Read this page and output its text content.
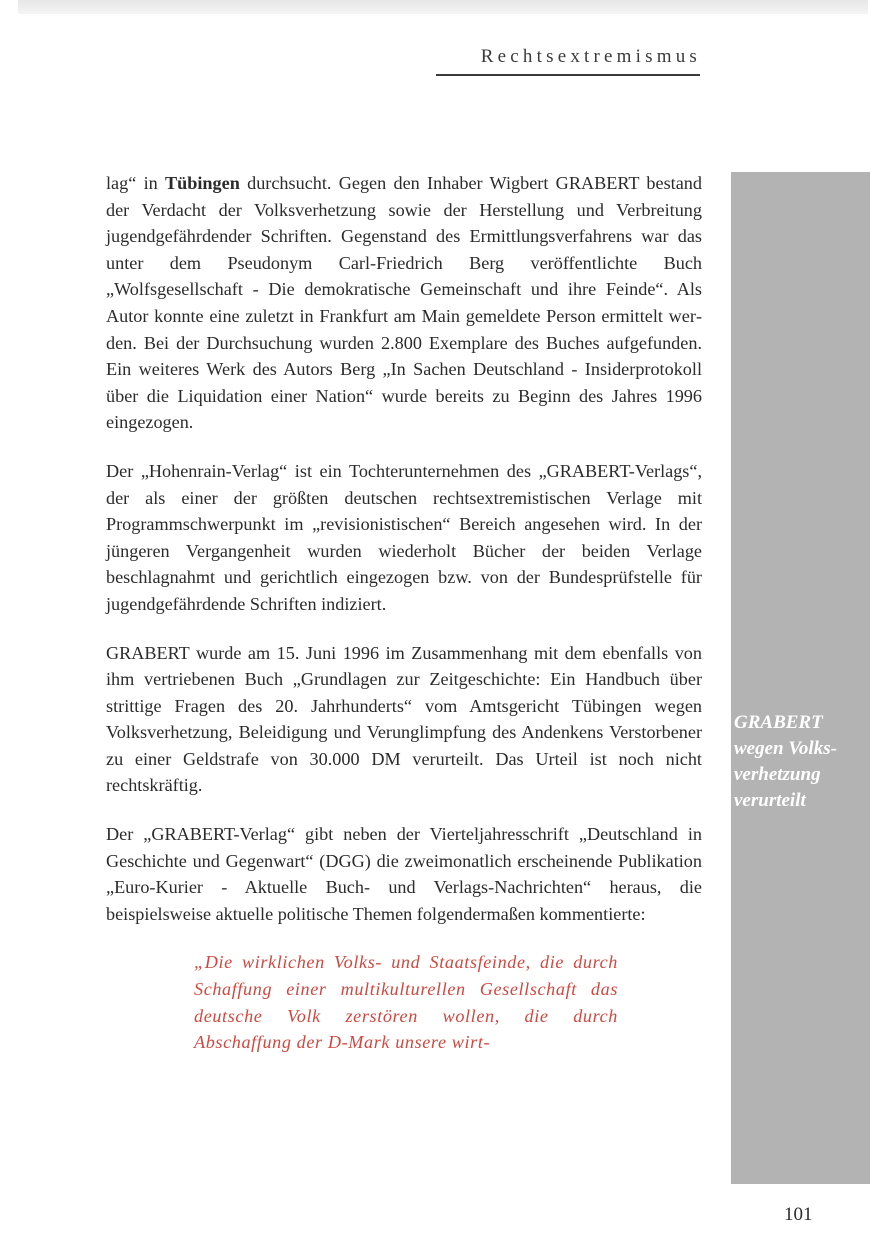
Rechtsextremismus
GRABERT
wegen Volks-
verhetzung
verurteilt

lag“ in Tübingen durchsucht. Gegen den Inhaber Wigbert GRABERT bestand der Verdacht der Volksverhetzung sowie der Herstellung und Verbreitung jugendgefährdender Schriften. Gegenstand des Ermittlungsverfahrens war das unter dem Pseudonym Carl-Friedrich Berg veröffentlichte Buch „Wolfsgesellschaft - Die demokratische Gemeinschaft und ihre Feinde“. Als Autor konnte eine zuletzt in Frankfurt am Main gemeldete Person ermittelt werden. Bei der Durchsuchung wurden 2.800 Exemplare des Buches aufgefunden. Ein weiteres Werk des Autors Berg „In Sachen Deutschland - Insiderprotokoll über die Liquidation einer Nation“ wurde bereits zu Beginn des Jahres 1996 eingezogen.

Der „Hohenrain-Verlag“ ist ein Tochterunternehmen des „GRABERT-Verlags“, der als einer der größten deutschen rechtsextremistischen Verlage mit Programmschwerpunkt im „revisionistischen“ Bereich angesehen wird. In der jüngeren Vergangenheit wurden wiederholt Bücher der beiden Verlage beschlagnahmt und gerichtlich eingezogen bzw. von der Bundesprüfstelle für jugendgefährdende Schriften indiziert.

GRABERT wurde am 15. Juni 1996 im Zusammenhang mit dem ebenfalls von ihm vertriebenen Buch „Grundlagen zur Zeitgeschichte: Ein Handbuch über strittige Fragen des 20. Jahrhunderts“ vom Amtsgericht Tübingen wegen Volksverhetzung, Beleidigung und Verunglimpfung des Andenkens Verstorbener zu einer Geldstrafe von 30.000 DM verurteilt. Das Urteil ist noch nicht rechtskräftig.

Der „GRABERT-Verlag“ gibt neben der Vierteljahresschrift „Deutschland in Geschichte und Gegenwart“ (DGG) die zweimonatlich erscheinende Publikation „Euro-Kurier - Aktuelle Buch- und Verlags-Nachrichten“ heraus, die beispielsweise aktuelle politische Themen folgendermaßen kommentierte:

„Die wirklichen Volks- und Staatsfeinde, die durch Schaffung einer multikulturellen Gesellschaft das deutsche Volk zerstören wollen, die durch Abschaffung der D-Mark unsere wirt-

101
